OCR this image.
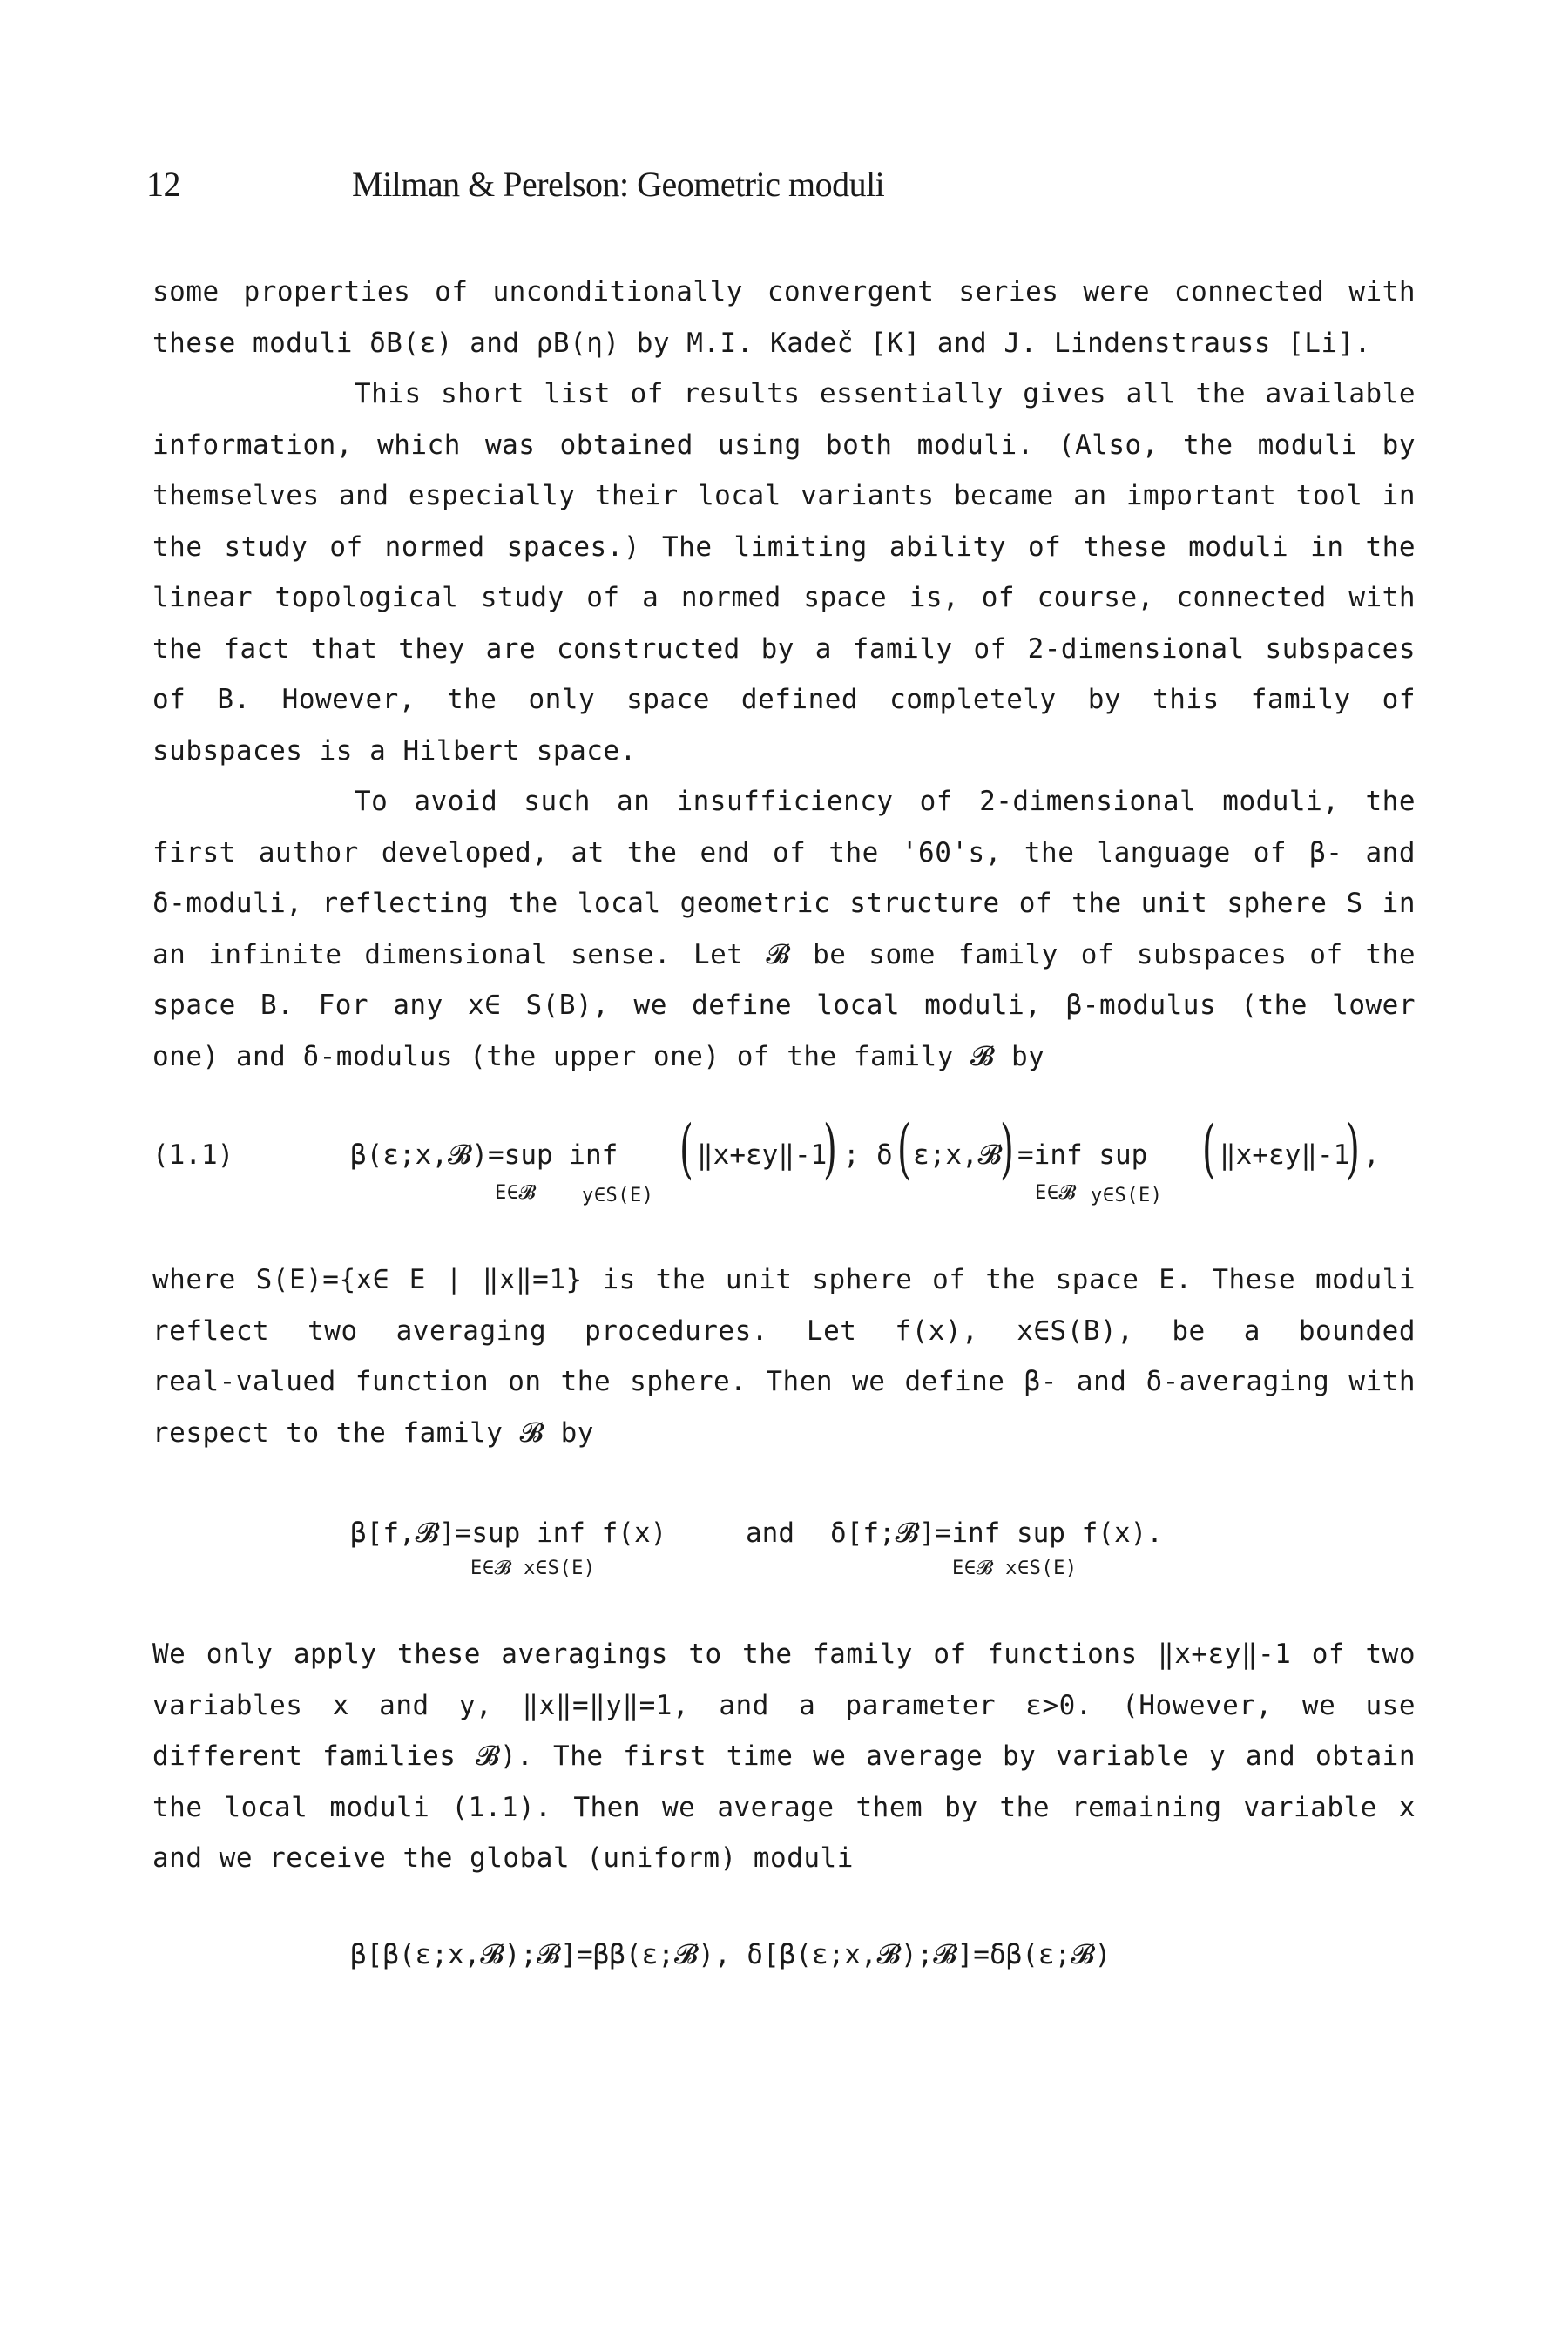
12	Milman & Perelson: Geometric moduli
some properties of unconditionally convergent series were connected with
these moduli δB(ε) and ρB(η) by M.I. Kadeč [K] and J. Lindenstrauss [Li].
This short list of results essentially gives all the available
information, which was obtained using both moduli. (Also, the moduli by
themselves and especially their local variants became an important tool in
the study of normed spaces.) The limiting ability of these moduli in the
linear topological study of a normed space is, of course, connected with
the fact that they are constructed by a family of 2-dimensional subspaces
of B. However, the only space defined completely by this family of
subspaces is a Hilbert space.
To avoid such an insufficiency of 2-dimensional moduli, the
first author developed, at the end of the '60's, the language of β- and
δ-moduli, reflecting the local geometric structure of the unit sphere S in
an infinite dimensional sense. Let 𝓑 be some family of subspaces of the
space B. For any x∈ S(B), we define local moduli, β-modulus (the lower
one) and δ-modulus (the upper one) of the family 𝓑 by
(1.1)	β(ε;x,𝓑)=sup inf ( ‖x+εy‖-1
) ; δ ( ε;x,𝓑
) =inf sup ( ‖x+εy‖-1
) ,
E∈𝓑 y∈S(E)	E∈𝓑 y∈S(E)
where S(E)={x∈ E | ‖x‖=1} is the unit sphere of the space E. These moduli
reflect two averaging procedures. Let f(x), x∈S(B), be a bounded
real-valued function on the sphere. Then we define β- and δ-averaging with
respect to the family 𝓑 by
β[f,𝓑]=sup inf f(x)	and δ[f;𝓑]=inf sup f(x).
E∈𝓑 x∈S(E)	E∈𝓑 x∈S(E)
We only apply these averagings to the family of functions ‖x+εy‖-1 of two
variables x and y, ‖x‖=‖y‖=1, and a parameter ε>0. (However, we use
different families 𝓑). The first time we average by variable y and obtain
the local moduli (1.1). Then we average them by the remaining variable x
and we receive the global (uniform) moduli
β[β(ε;x,𝓑);𝓑]=ββ(ε;𝓑), δ[β(ε;x,𝓑);𝓑]=δβ(ε;𝓑)
